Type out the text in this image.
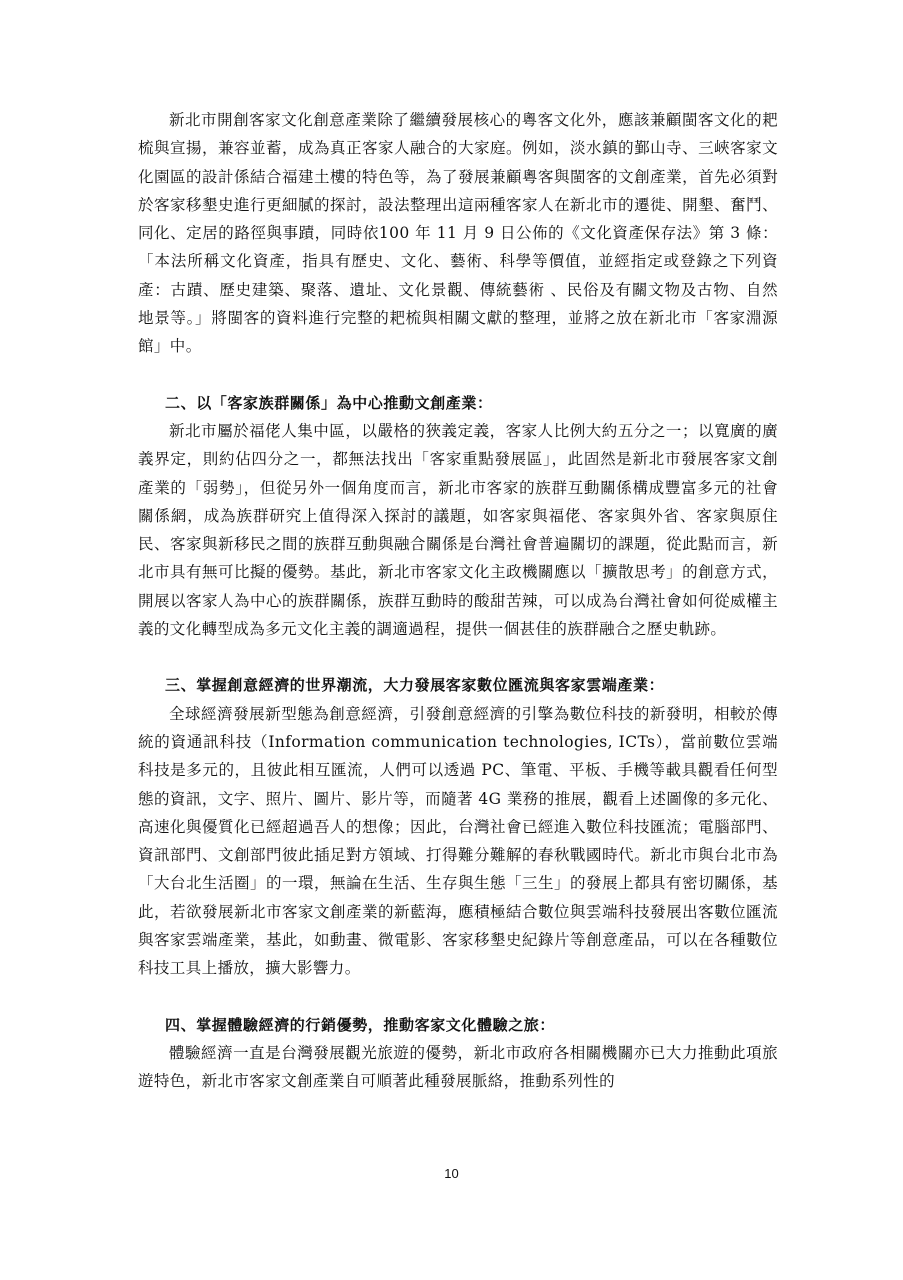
新北市開創客家文化創意產業除了繼續發展核心的粵客文化外，應該兼顧閩客文化的耙梳與宣揚，兼容並蓄，成為真正客家人融合的大家庭。例如，淡水鎮的鄞山寺、三峽客家文化園區的設計係結合福建土樓的特色等，為了發展兼顧粵客與閩客的文創產業，首先必須對於客家移墾史進行更細膩的探討，設法整理出這兩種客家人在新北市的遷徙、開墾、奮鬥、同化、定居的路徑與事蹟，同時依100 年 11 月 9 日公佈的《文化資產保存法》第 3 條：「本法所稱文化資產，指具有歷史、文化、藝術、科學等價值，並經指定或登錄之下列資產：古蹟、歷史建築、聚落、遺址、文化景觀、傳統藝術 、民俗及有關文物及古物、自然地景等。」將閩客的資料進行完整的耙梳與相關文獻的整理，並將之放在新北市「客家淵源館」中。

二、以「客家族群關係」為中心推動文創產業：

新北市屬於福佬人集中區，以嚴格的狹義定義，客家人比例大約五分之一；以寬廣的廣義界定，則約佔四分之一，都無法找出「客家重點發展區」，此固然是新北市發展客家文創產業的「弱勢」，但從另外一個角度而言，新北市客家的族群互動關係構成豐富多元的社會關係網，成為族群研究上值得深入探討的議題，如客家與福佬、客家與外省、客家與原住民、客家與新移民之間的族群互動與融合關係是台灣社會普遍關切的課題，從此點而言，新北市具有無可比擬的優勢。基此，新北市客家文化主政機關應以「擴散思考」的創意方式，開展以客家人為中心的族群關係，族群互動時的酸甜苦辣，可以成為台灣社會如何從威權主義的文化轉型成為多元文化主義的調適過程，提供一個甚佳的族群融合之歷史軌跡。

三、掌握創意經濟的世界潮流，大力發展客家數位匯流與客家雲端產業：

全球經濟發展新型態為創意經濟，引發創意經濟的引擎為數位科技的新發明，相較於傳統的資通訊科技（Information communication technologies, ICTs），當前數位雲端科技是多元的，且彼此相互匯流，人們可以透過 PC、筆電、平板、手機等載具觀看任何型態的資訊，文字、照片、圖片、影片等，而隨著 4G 業務的推展，觀看上述圖像的多元化、高速化與優質化已經超過吾人的想像；因此，台灣社會已經進入數位科技匯流；電腦部門、資訊部門、文創部門彼此插足對方領域、打得難分難解的春秋戰國時代。新北市與台北市為「大台北生活圈」的一環，無論在生活、生存與生態「三生」的發展上都具有密切關係，基此，若欲發展新北市客家文創產業的新藍海，應積極結合數位與雲端科技發展出客數位匯流與客家雲端產業，基此，如動畫、微電影、客家移墾史紀錄片等創意產品，可以在各種數位科技工具上播放，擴大影響力。

四、掌握體驗經濟的行銷優勢，推動客家文化體驗之旅：

體驗經濟一直是台灣發展觀光旅遊的優勢，新北市政府各相關機關亦已大力推動此項旅遊特色，新北市客家文創產業自可順著此種發展脈絡，推動系列性的

10
